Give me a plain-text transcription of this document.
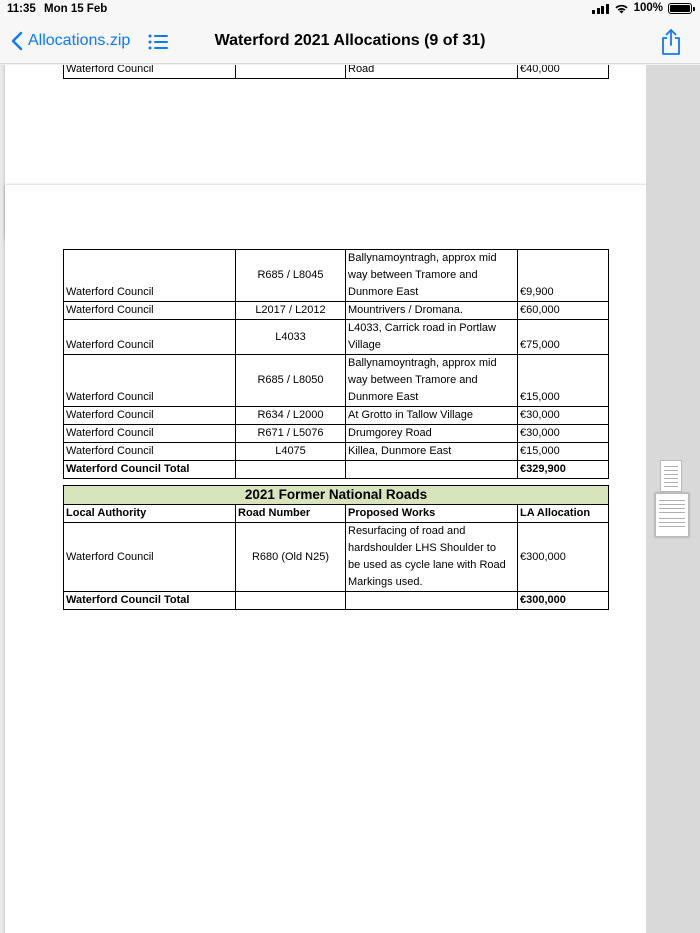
11:35 Mon 15 Feb	100%
Allocations.zip	Waterford 2021 Allocations (9 of 31)
Waterford Council		Road	€40,000
Waterford Council	R685 / L8045	Ballynamoyntragh, approx mid
way between Tramore and
Dunmore East	€9,900
Waterford Council	L2017 / L2012	Mountrivers / Dromana.	€60,000
Waterford Council	L4033	L4033, Carrick road in Portlaw
Village	€75,000
Waterford Council	R685 / L8050	Ballynamoyntragh, approx mid
way between Tramore and
Dunmore East	€15,000
Waterford Council	R634 / L2000	At Grotto in Tallow Village	€30,000
Waterford Council	R671 / L5076	Drumgorey Road	€30,000
Waterford Council	L4075	Killea, Dunmore East	€15,000
Waterford Council Total			€329,900
2021 Former National Roads			
Local Authority	Road Number	Proposed Works	LA Allocation
Waterford Council	R680 (Old N25)	Resurfacing of road and
hardshoulder LHS Shoulder to
be used as cycle lane with Road
Markings used.	€300,000
Waterford Council Total			€300,000
